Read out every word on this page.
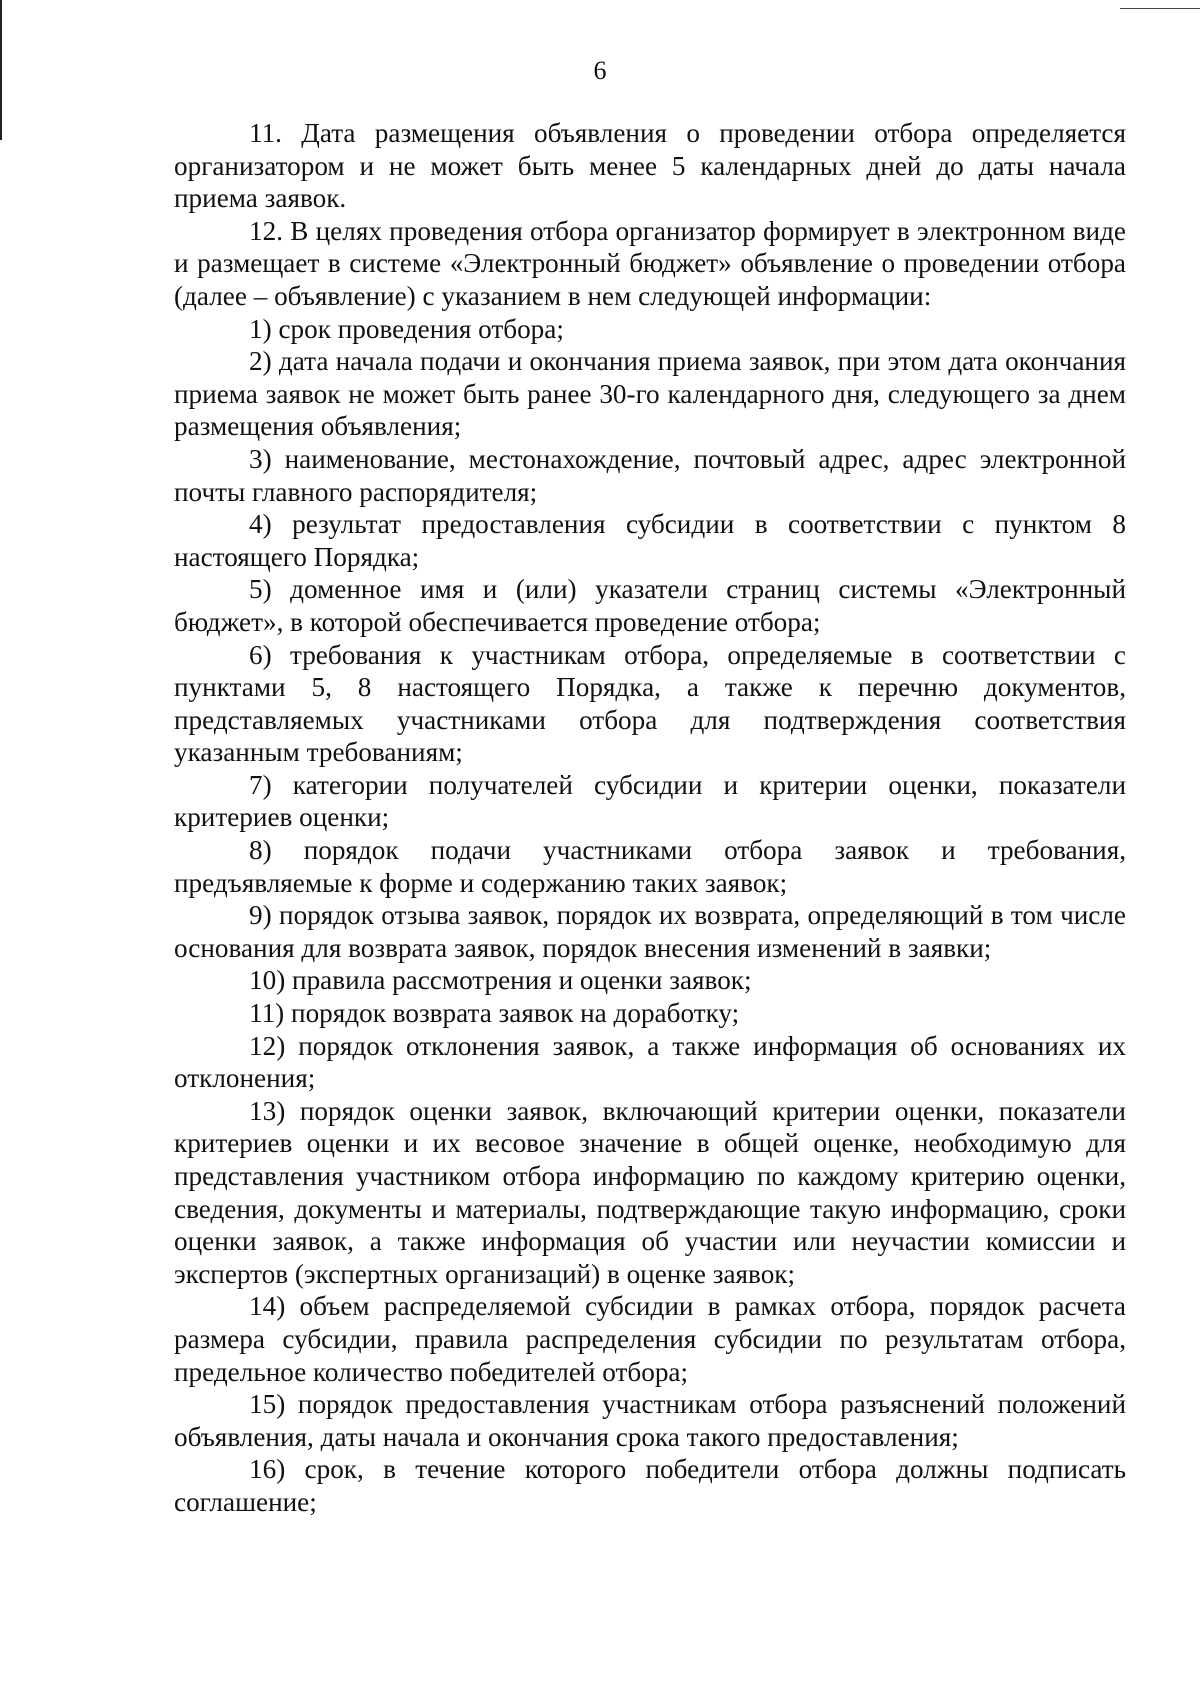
6

11. Дата размещения объявления о проведении отбора определяется организатором и не может быть менее 5 календарных дней до даты начала приема заявок.

12. В целях проведения отбора организатор формирует в электронном виде и размещает в системе «Электронный бюджет» объявление о проведении отбора (далее – объявление) с указанием в нем следующей информации:

1) срок проведения отбора;

2) дата начала подачи и окончания приема заявок, при этом дата окончания приема заявок не может быть ранее 30-го календарного дня, следующего за днем размещения объявления;

3) наименование, местонахождение, почтовый адрес, адрес электронной почты главного распорядителя;

4) результат предоставления субсидии в соответствии с пунктом 8 настоящего Порядка;

5) доменное имя и (или) указатели страниц системы «Электронный бюджет», в которой обеспечивается проведение отбора;

6) требования к участникам отбора, определяемые в соответствии с пунктами 5, 8 настоящего Порядка, а также к перечню документов, представляемых участниками отбора для подтверждения соответствия указанным требованиям;

7) категории получателей субсидии и критерии оценки, показатели критериев оценки;

8) порядок подачи участниками отбора заявок и требования, предъявляемые к форме и содержанию таких заявок;

9) порядок отзыва заявок, порядок их возврата, определяющий в том числе основания для возврата заявок, порядок внесения изменений в заявки;

10) правила рассмотрения и оценки заявок;

11) порядок возврата заявок на доработку;

12) порядок отклонения заявок, а также информация об основаниях их отклонения;

13) порядок оценки заявок, включающий критерии оценки, показатели критериев оценки и их весовое значение в общей оценке, необходимую для представления участником отбора информацию по каждому критерию оценки, сведения, документы и материалы, подтверждающие такую информацию, сроки оценки заявок, а также информация об участии или неучастии комиссии и экспертов (экспертных организаций) в оценке заявок;

14) объем распределяемой субсидии в рамках отбора, порядок расчета размера субсидии, правила распределения субсидии по результатам отбора, предельное количество победителей отбора;

15) порядок предоставления участникам отбора разъяснений положений объявления, даты начала и окончания срока такого предоставления;

16) срок, в течение которого победители отбора должны подписать соглашение;
